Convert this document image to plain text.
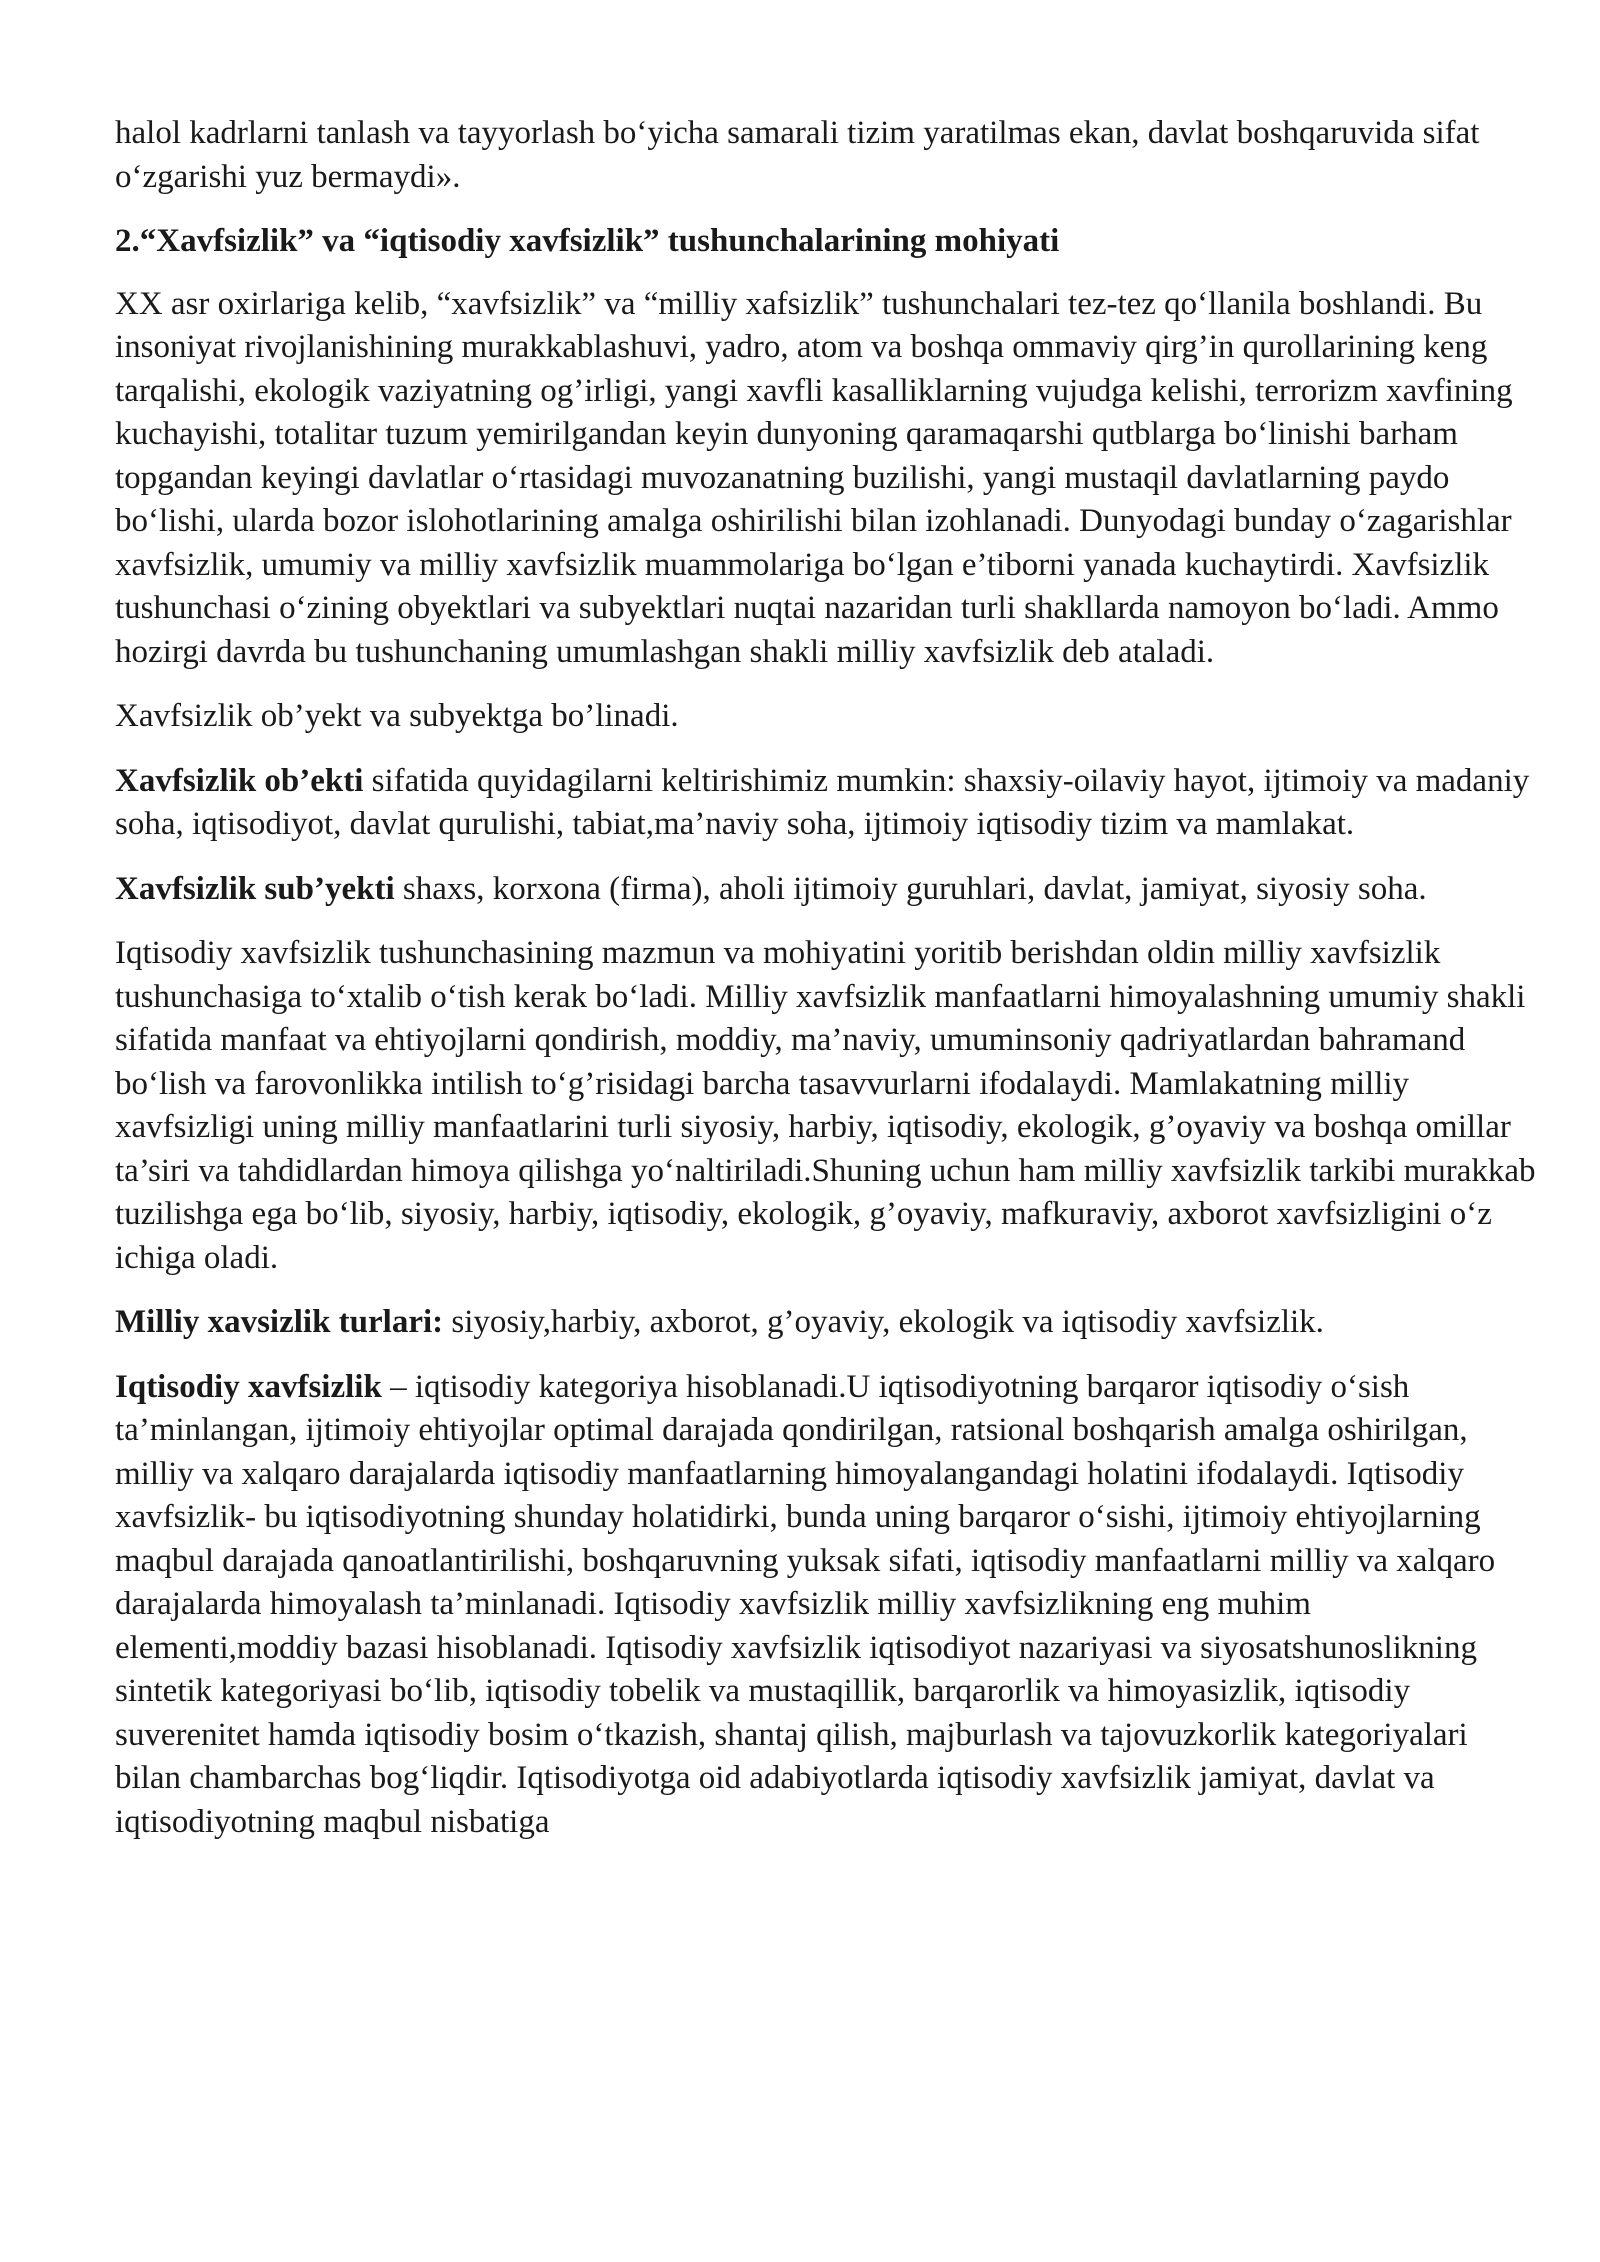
halol kadrlarni tanlash va tayyorlash bo‘yicha samarali tizim yaratilmas ekan, davlat boshqaruvida sifat o‘zgarishi yuz bermaydi».

2.“Xavfsizlik” va “iqtisodiy xavfsizlik” tushunchalarining mohiyati

XX asr oxirlariga kelib, “xavfsizlik” va “milliy xafsizlik” tushunchalari tez-tez qo‘llanila boshlandi. Bu insoniyat rivojlanishining murakkablashuvi, yadro, atom va boshqa ommaviy qirg’in qurollarining keng tarqalishi, ekologik vaziyatning og’irligi, yangi xavfli kasalliklarning vujudga kelishi, terrorizm xavfining kuchayishi, totalitar tuzum yemirilgandan keyin dunyoning qaramaqarshi qutblarga bo‘linishi barham topgandan keyingi davlatlar o‘rtasidagi muvozanatning buzilishi, yangi mustaqil davlatlarning paydo bo‘lishi, ularda bozor islohotlarining amalga oshirilishi bilan izohlanadi. Dunyodagi bunday o‘zagarishlar xavfsizlik, umumiy va milliy xavfsizlik muammolariga bo‘lgan e’tiborni yanada kuchaytirdi. Xavfsizlik tushunchasi o‘zining obyektlari va subyektlari nuqtai nazaridan turli shakllarda namoyon bo‘ladi. Ammo hozirgi davrda bu tushunchaning umumlashgan shakli milliy xavfsizlik deb ataladi.

Xavfsizlik ob’yekt va subyektga bo’linadi.

Xavfsizlik ob’ekti sifatida quyidagilarni keltirishimiz mumkin: shaxsiy-oilaviy hayot, ijtimoiy va madaniy soha, iqtisodiyot, davlat qurulishi, tabiat,ma’naviy soha, ijtimoiy iqtisodiy tizim va mamlakat.

Xavfsizlik sub’yekti shaxs, korxona (firma), aholi ijtimoiy guruhlari, davlat, jamiyat, siyosiy soha.

Iqtisodiy xavfsizlik tushunchasining mazmun va mohiyatini yoritib berishdan oldin milliy xavfsizlik tushunchasiga to‘xtalib o‘tish kerak bo‘ladi. Milliy xavfsizlik manfaatlarni himoyalashning umumiy shakli sifatida manfaat va ehtiyojlarni qondirish, moddiy, ma’naviy, umuminsoniy qadriyatlardan bahramand bo‘lish va farovonlikka intilish to‘g’risidagi barcha tasavvurlarni ifodalaydi. Mamlakatning milliy xavfsizligi uning milliy manfaatlarini turli siyosiy, harbiy, iqtisodiy, ekologik, g’oyaviy va boshqa omillar ta’siri va tahdidlardan himoya qilishga yo‘naltiriladi.Shuning uchun ham milliy xavfsizlik tarkibi murakkab tuzilishga ega bo‘lib, siyosiy, harbiy, iqtisodiy, ekologik, g’oyaviy, mafkuraviy, axborot xavfsizligini o‘z ichiga oladi.

Milliy xavsizlik turlari: siyosiy,harbiy, axborot, g’oyaviy, ekologik va iqtisodiy xavfsizlik.

Iqtisodiy xavfsizlik – iqtisodiy kategoriya hisoblanadi.U iqtisodiyotning barqaror iqtisodiy o‘sish ta’minlangan, ijtimoiy ehtiyojlar optimal darajada qondirilgan, ratsional boshqarish amalga oshirilgan, milliy va xalqaro darajalarda iqtisodiy manfaatlarning himoyalangandagi holatini ifodalaydi. Iqtisodiy xavfsizlik- bu iqtisodiyotning shunday holatidirki, bunda uning barqaror o‘sishi, ijtimoiy ehtiyojlarning maqbul darajada qanoatlantirilishi, boshqaruvning yuksak sifati, iqtisodiy manfaatlarni milliy va xalqaro darajalarda himoyalash ta’minlanadi. Iqtisodiy xavfsizlik milliy xavfsizlikning eng muhim elementi,moddiy bazasi hisoblanadi. Iqtisodiy xavfsizlik iqtisodiyot nazariyasi va siyosatshunoslikning sintetik kategoriyasi bo‘lib, iqtisodiy tobelik va mustaqillik, barqarorlik va himoyasizlik, iqtisodiy suverenitet hamda iqtisodiy bosim o‘tkazish, shantaj qilish, majburlash va tajovuzkorlik kategoriyalari bilan chambarchas bog‘liqdir. Iqtisodiyotga oid adabiyotlarda iqtisodiy xavfsizlik jamiyat, davlat va iqtisodiyotning maqbul nisbatiga
